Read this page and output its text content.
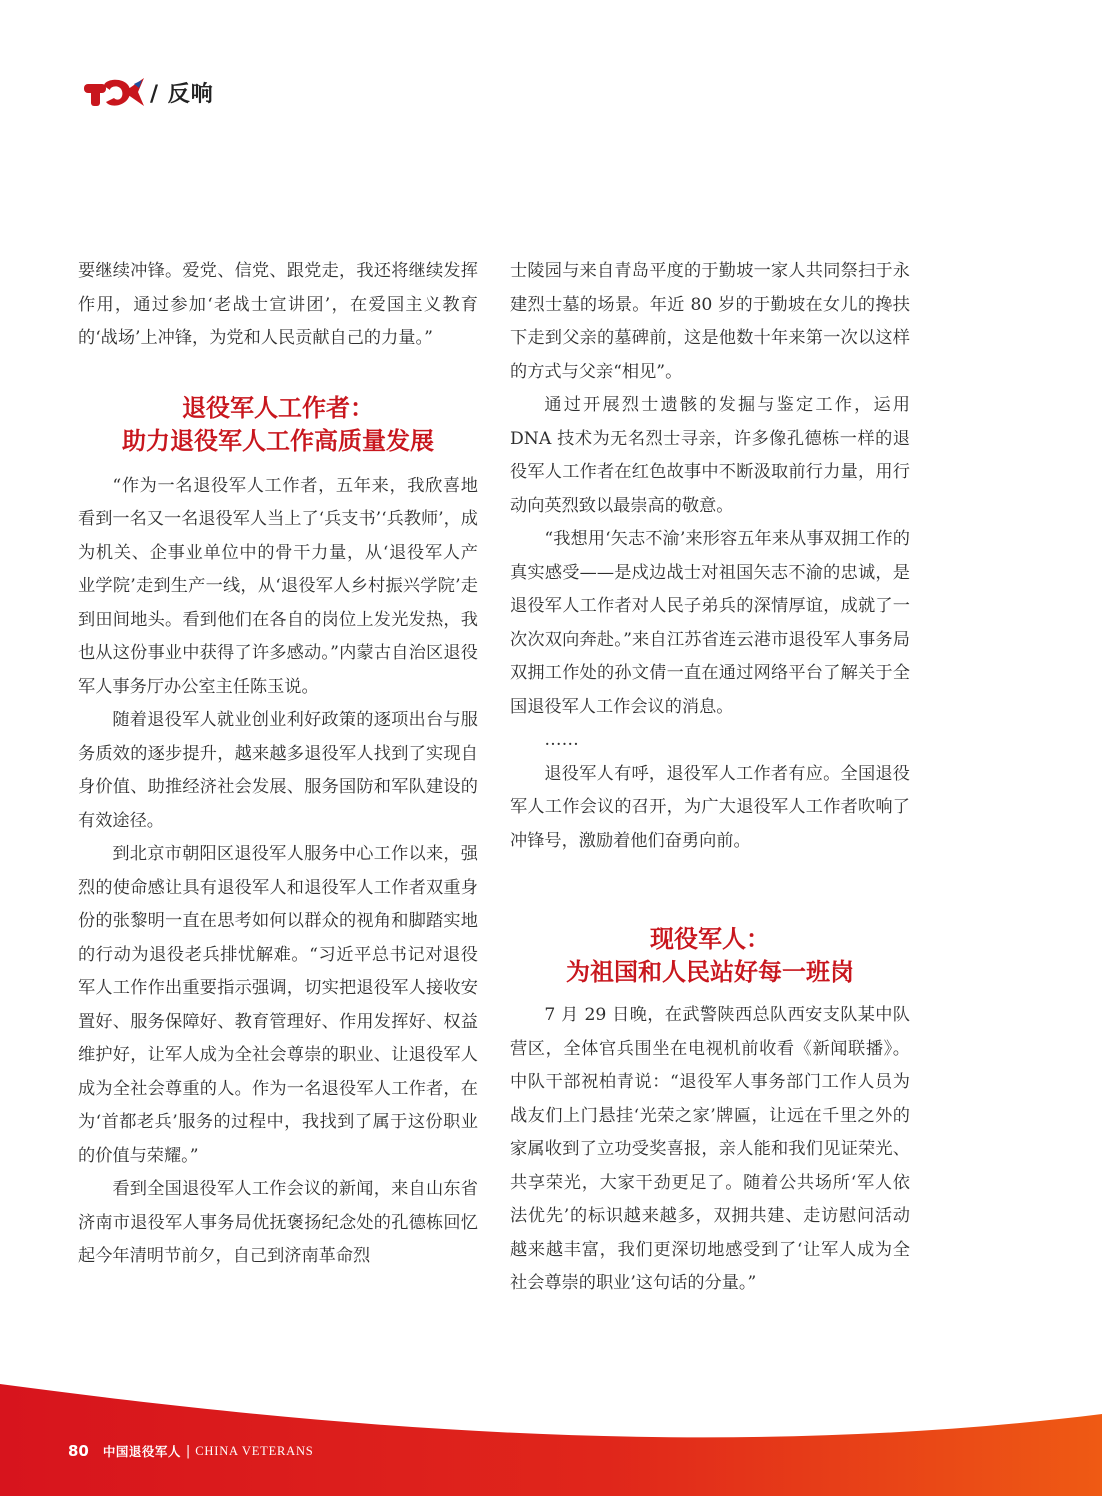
/ 反响

要继续冲锋。爱党、信党、跟党走，我还将继续发挥作用，通过参加‘老战士宣讲团’，在爱国主义教育的‘战场’上冲锋，为党和人民贡献自己的力量。”

退役军人工作者：
助力退役军人工作高质量发展

“作为一名退役军人工作者，五年来，我欣喜地看到一名又一名退役军人当上了‘兵支书’‘兵教师’，成为机关、企事业单位中的骨干力量，从‘退役军人产业学院’走到生产一线，从‘退役军人乡村振兴学院’走到田间地头。看到他们在各自的岗位上发光发热，我也从这份事业中获得了许多感动。”内蒙古自治区退役军人事务厅办公室主任陈玉说。

随着退役军人就业创业利好政策的逐项出台与服务质效的逐步提升，越来越多退役军人找到了实现自身价值、助推经济社会发展、服务国防和军队建设的有效途径。

到北京市朝阳区退役军人服务中心工作以来，强烈的使命感让具有退役军人和退役军人工作者双重身份的张黎明一直在思考如何以群众的视角和脚踏实地的行动为退役老兵排忧解难。“习近平总书记对退役军人工作作出重要指示强调，切实把退役军人接收安置好、服务保障好、教育管理好、作用发挥好、权益维护好，让军人成为全社会尊崇的职业、让退役军人成为全社会尊重的人。作为一名退役军人工作者，在为‘首都老兵’服务的过程中，我找到了属于这份职业的价值与荣耀。”

看到全国退役军人工作会议的新闻，来自山东省济南市退役军人事务局优抚褒扬纪念处的孔德栋回忆起今年清明节前夕，自己到济南革命烈

士陵园与来自青岛平度的于勤坡一家人共同祭扫于永建烈士墓的场景。年近 80 岁的于勤坡在女儿的搀扶下走到父亲的墓碑前，这是他数十年来第一次以这样的方式与父亲“相见”。

通过开展烈士遗骸的发掘与鉴定工作，运用DNA 技术为无名烈士寻亲，许多像孔德栋一样的退役军人工作者在红色故事中不断汲取前行力量，用行动向英烈致以最崇高的敬意。

“我想用‘矢志不渝’来形容五年来从事双拥工作的真实感受——是戍边战士对祖国矢志不渝的忠诚，是退役军人工作者对人民子弟兵的深情厚谊，成就了一次次双向奔赴。”来自江苏省连云港市退役军人事务局双拥工作处的孙文倩一直在通过网络平台了解关于全国退役军人工作会议的消息。

……

退役军人有呼，退役军人工作者有应。全国退役军人工作会议的召开，为广大退役军人工作者吹响了冲锋号，激励着他们奋勇向前。

现役军人：
为祖国和人民站好每一班岗

7 月 29 日晚，在武警陕西总队西安支队某中队营区，全体官兵围坐在电视机前收看《新闻联播》。中队干部祝柏青说：“退役军人事务部门工作人员为战友们上门悬挂‘光荣之家’牌匾，让远在千里之外的家属收到了立功受奖喜报，亲人能和我们见证荣光、共享荣光，大家干劲更足了。随着公共场所‘军人依法优先’的标识越来越多，双拥共建、走访慰问活动越来越丰富，我们更深切地感受到了‘让军人成为全社会尊崇的职业’这句话的分量。”

80 中国退役军人 | CHINA VETERANS
